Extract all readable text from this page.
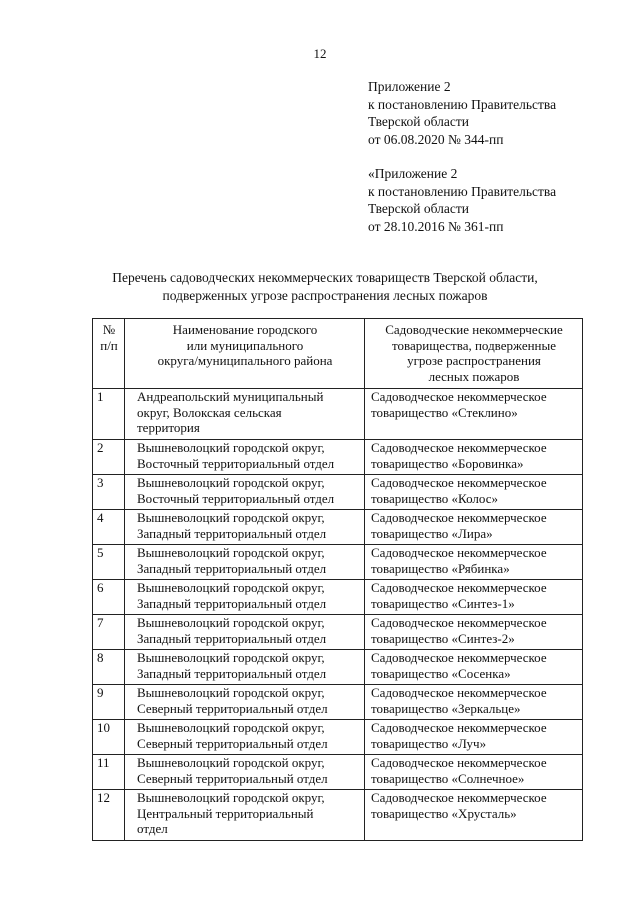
12
Приложение 2
к постановлению Правительства
Тверской области
от 06.08.2020 № 344-пп
«Приложение 2
к постановлению Правительства
Тверской области
от 28.10.2016 № 361-пп
Перечень садоводческих некоммерческих товариществ Тверской области,
подверженных угрозе распространения лесных пожаров
№
п/п	Наименование городского
или муниципального
округа/муниципального района	Садоводческие некоммерческие
товарищества, подверженные
угрозе распространения
лесных пожаров

1	Андреапольский муниципальный
округ, Волокская сельская
территория	Садоводческое некоммерческое
товарищество «Стеклино»

2	Вышневолоцкий городской округ,
Восточный территориальный отдел	Садоводческое некоммерческое
товарищество «Боровинка»

3	Вышневолоцкий городской округ,
Восточный территориальный отдел	Садоводческое некоммерческое
товарищество «Колос»

4	Вышневолоцкий городской округ,
Западный территориальный отдел	Садоводческое некоммерческое
товарищество «Лира»

5	Вышневолоцкий городской округ,
Западный территориальный отдел	Садоводческое некоммерческое
товарищество «Рябинка»

6	Вышневолоцкий городской округ,
Западный территориальный отдел	Садоводческое некоммерческое
товарищество «Синтез-1»

7	Вышневолоцкий городской округ,
Западный территориальный отдел	Садоводческое некоммерческое
товарищество «Синтез-2»

8	Вышневолоцкий городской округ,
Западный территориальный отдел	Садоводческое некоммерческое
товарищество «Сосенка»

9	Вышневолоцкий городской округ,
Северный территориальный отдел	Садоводческое некоммерческое
товарищество «Зеркальце»

10	Вышневолоцкий городской округ,
Северный территориальный отдел	Садоводческое некоммерческое
товарищество «Луч»

11	Вышневолоцкий городской округ,
Северный территориальный отдел	Садоводческое некоммерческое
товарищество «Солнечное»

12	Вышневолоцкий городской округ,
Центральный территориальный
отдел	Садоводческое некоммерческое
товарищество «Хрусталь»
